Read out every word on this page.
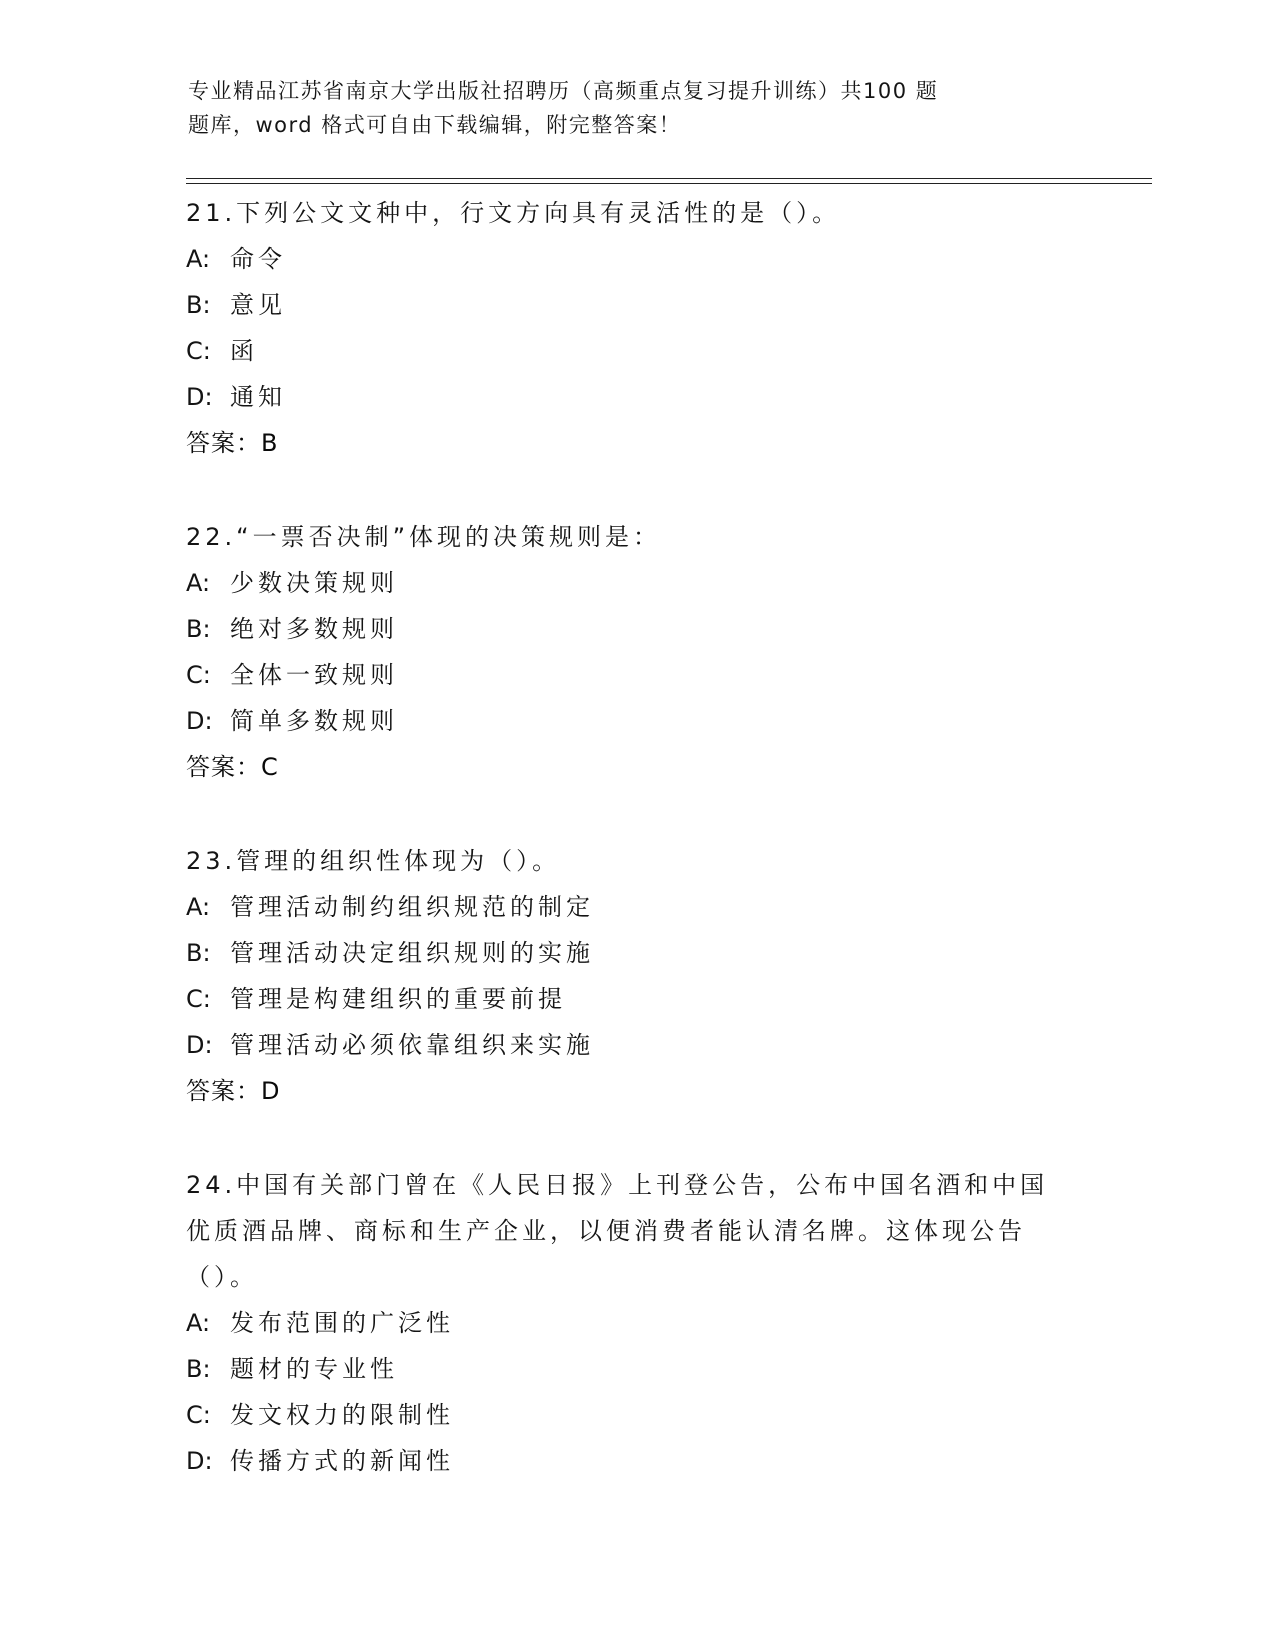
专业精品江苏省南京大学出版社招聘历（高频重点复习提升训练）共100 题
题库，word 格式可自由下载编辑，附完整答案！
21.下列公文文种中，行文方向具有灵活性的是（）。
A: 命令
B: 意见
C: 函
D: 通知
答案：B
22.“一票否决制”体现的决策规则是：
A: 少数决策规则
B: 绝对多数规则
C: 全体一致规则
D: 简单多数规则
答案：C
23.管理的组织性体现为（）。
A: 管理活动制约组织规范的制定
B: 管理活动决定组织规则的实施
C: 管理是构建组织的重要前提
D: 管理活动必须依靠组织来实施
答案：D
24.中国有关部门曾在《人民日报》上刊登公告，公布中国名酒和中国
优质酒品牌、商标和生产企业，以便消费者能认清名牌。这体现公告
（）。
A: 发布范围的广泛性
B: 题材的专业性
C: 发文权力的限制性
D: 传播方式的新闻性
